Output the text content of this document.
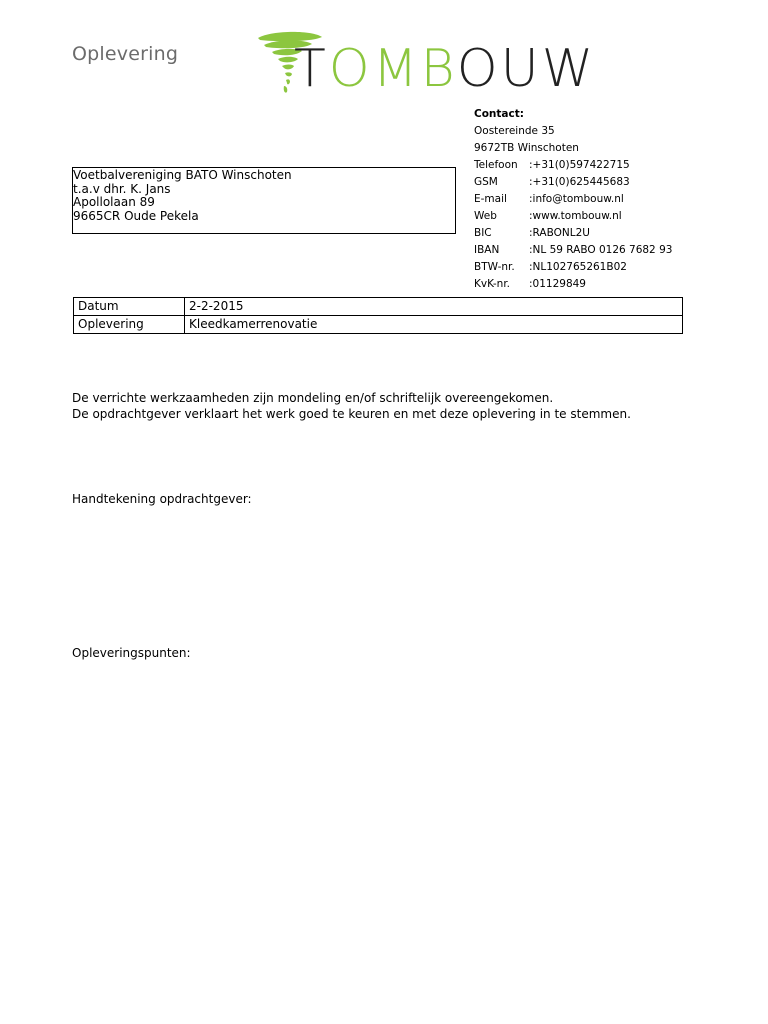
Oplevering TOMBOUW
Contact:
Oostereinde 35
9672TB Winschoten
Telefoon :+31(0)597422715
GSM	:+31(0)625445683
E-mail :info@tombouw.nl
Web	:www.tombouw.nl
BIC	:RABONL2U
IBAN	:NL 59 RABO 0126 7682 93
BTW-nr. :NL102765261B02
KvK-nr. :01129849
Voetbalvereniging BATO Winschoten
t.a.v dhr. K. Jans
Apollolaan 89
9665CR Oude Pekela
Datum	2-2-2015
Oplevering	Kleedkamerrenovatie
De verrichte werkzaamheden zijn mondeling en/of schriftelijk overeengekomen.
De opdrachtgever verklaart het werk goed te keuren en met deze oplevering in te stemmen.
Handtekening opdrachtgever:
Opleveringspunten:
